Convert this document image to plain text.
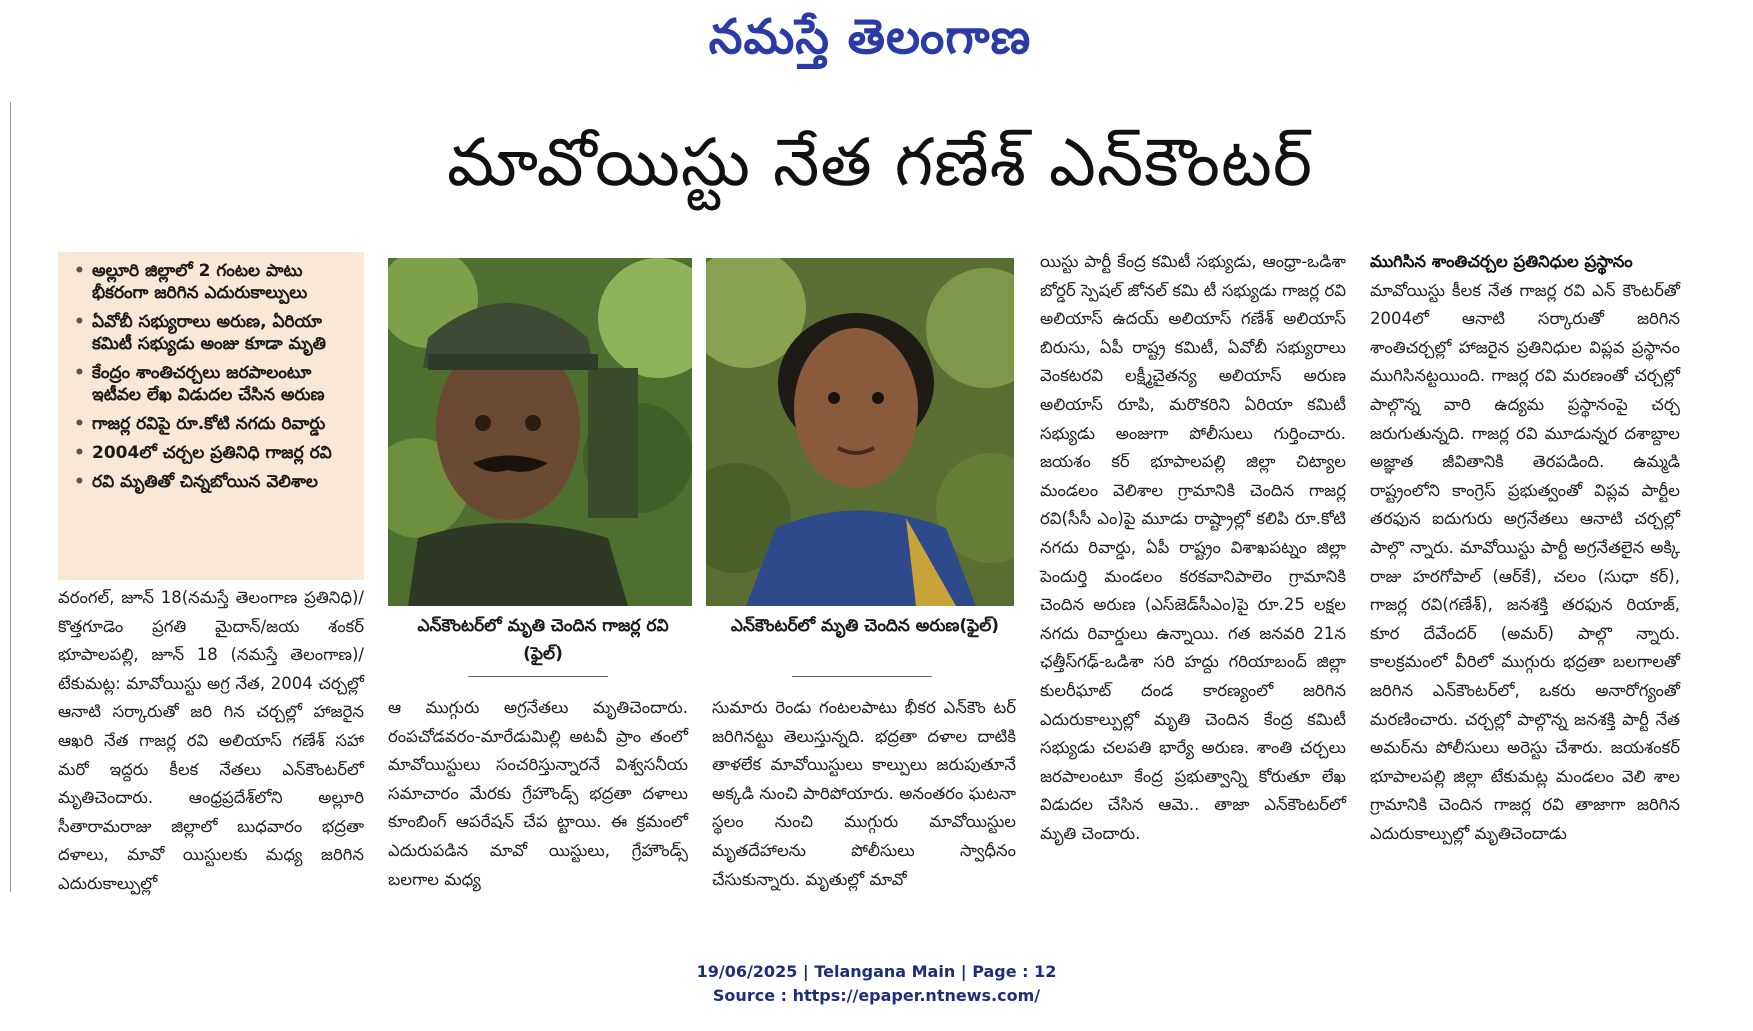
నమస్తే తెలంగాణ
మావోయిస్టు నేత గణేశ్ ఎన్‌కౌంటర్
• అల్లూరి జిల్లాలో 2 గంటల పాటు భీకరంగా జరిగిన ఎదురుకాల్పులు
• ఏవోబీ సభ్యురాలు అరుణ, ఏరియా కమిటీ సభ్యుడు అంజు కూడా మృతి
• కేంద్రం శాంతిచర్చలు జరపాలంటూ ఇటీవల లేఖ విడుదల చేసిన అరుణ
• గాజర్ల రవిపై రూ.కోటి నగదు రివార్డు
• 2004లో చర్చల ప్రతినిధి గాజర్ల రవి
• రవి మృతితో చిన్నబోయిన వెలిశాల

వరంగల్, జూన్ 18(నమస్తే తెలంగాణ ప్రతినిధి)/కొత్తగూడెం ప్రగతి మైదాన్/జయ శంకర్ భూపాలపల్లి, జూన్ 18 (నమస్తే తెలంగాణ)/టేకుమట్ల: మావోయిస్టు అగ్ర నేత, 2004 చర్చల్లో ఆనాటి సర్కారుతో జరి గిన చర్చల్లో హాజరైన ఆఖరి నేత గాజర్ల రవి అలియాస్ గణేశ్ సహా మరో ఇద్దరు కీలక నేతలు ఎన్‌కౌంటర్‌లో మృతిచెందారు. ఆంధ్రప్రదేశ్‌లోని అల్లూరి సీతారామరాజు జిల్లాలో బుధవారం భద్రతా దళాలు, మావో యిస్టులకు మధ్య జరిగిన ఎదురుకాల్పుల్లో

ఎన్‌కౌంటర్‌లో మృతి చెందిన గాజర్ల రవి (ఫైల్)
ఎన్‌కౌంటర్‌లో మృతి చెందిన అరుణ(ఫైల్)

ఆ ముగ్గురు అగ్రనేతలు మృతిచెందారు. రంపచోడవరం-మారేడుమిల్లి అటవీ ప్రాం తంలో మావోయిస్టులు సంచరిస్తున్నారనే విశ్వసనీయ సమాచారం మేరకు గ్రేహౌండ్స్ భద్రతా దళాలు కూంబింగ్ ఆపరేషన్ చేప ట్టాయి. ఈ క్రమంలో ఎదురుపడిన మావో యిస్టులు, గ్రేహౌండ్స్ బలగాల మధ్య

సుమారు రెండు గంటలపాటు భీకర ఎన్‌కౌం టర్ జరిగినట్టు తెలుస్తున్నది. భద్రతా దళాల దాటికి తాళలేక మావోయిస్టులు కాల్పులు జరుపుతూనే అక్కడి నుంచి పారిపోయారు. అనంతరం ఘటనా స్థలం నుంచి ముగ్గురు మావోయిస్టుల మృతదేహాలను పోలీసులు స్వాధీనం చేసుకున్నారు. మృతుల్లో మావో

యిస్టు పార్టీ కేంద్ర కమిటీ సభ్యుడు, ఆంధ్రా-ఒడిశా బోర్డర్ స్పెషల్ జోనల్ కమి టీ సభ్యుడు గాజర్ల రవి అలియాస్ ఉదయ్ అలియాస్ గణేశ్ అలియాస్ బిరుసు, ఏపీ రాష్ట్ర కమిటీ, ఏవోబీ సభ్యురాలు వెంకటరవి లక్ష్మీచైతన్య అలియాస్ అరుణ అలియాస్ రూపి, మరొకరిని ఏరియా కమిటీ సభ్యుడు అంజుగా పోలీసులు గుర్తించారు. జయశం కర్ భూపాలపల్లి జిల్లా చిట్యాల మండలం వెలిశాల గ్రామానికి చెందిన గాజర్ల రవి(సీసీ ఎం)పై మూడు రాష్ట్రాల్లో కలిపి రూ.కోటి నగదు రివార్డు, ఏపీ రాష్ట్రం విశాఖపట్నం జిల్లా పెందుర్తి మండలం కరకవానిపాలెం గ్రామానికి చెందిన అరుణ (ఎస్‌జెడ్‌సీఎం)పై రూ.25 లక్షల నగదు రివార్డులు ఉన్నాయి. గత జనవరి 21న ఛత్తీస్‌గఢ్-ఒడిశా సరి హద్దు గరియాబంద్ జిల్లా కులరీఘాట్ దండ కారణ్యంలో జరిగిన ఎదురుకాల్పుల్లో మృతి చెందిన కేంద్ర కమిటీ సభ్యుడు చలపతి భార్యే అరుణ. శాంతి చర్చలు జరపాలంటూ కేంద్ర ప్రభుత్వాన్ని కోరుతూ లేఖ విడుదల చేసిన ఆమె.. తాజా ఎన్‌కౌంటర్‌లో మృతి చెందారు.

ముగిసిన శాంతిచర్చల ప్రతినిధుల ప్రస్థానం

మావోయిస్టు కీలక నేత గాజర్ల రవి ఎన్ కౌంటర్‌తో 2004లో ఆనాటి సర్కారుతో జరిగిన శాంతిచర్చల్లో హాజరైన ప్రతినిధుల విప్లవ ప్రస్థానం ముగిసినట్టయింది. గాజర్ల రవి మరణంతో చర్చల్లో పాల్గొన్న వారి ఉద్యమ ప్రస్థానంపై చర్చ జరుగుతున్నది. గాజర్ల రవి మూడున్నర దశాబ్దాల అజ్ఞాత జీవితానికి తెరపడింది. ఉమ్మడి రాష్ట్రంలోని కాంగ్రెస్ ప్రభుత్వంతో విప్లవ పార్టీల తరఫున ఐదుగురు అగ్రనేతలు ఆనాటి చర్చల్లో పాల్గొ న్నారు. మావోయిస్టు పార్టీ అగ్రనేతలైన అక్కి రాజు హరగోపాల్ (ఆర్‌కే), చలం (సుధా కర్), గాజర్ల రవి(గణేశ్), జనశక్తి తరఫున రియాజ్, కూర దేవేందర్ (అమర్) పాల్గొ న్నారు. కాలక్రమంలో వీరిలో ముగ్గురు భద్రతా బలగాలతో జరిగిన ఎన్‌కౌంటర్‌లో, ఒకరు అనారోగ్యంతో మరణించారు. చర్చల్లో పాల్గొన్న జనశక్తి పార్టీ నేత అమర్‌ను పోలీసులు అరెస్టు చేశారు. జయశంకర్ భూపాలపల్లి జిల్లా టేకుమట్ల మండలం వెలి శాల గ్రామానికి చెందిన గాజర్ల రవి తాజాగా జరిగిన ఎదురుకాల్పుల్లో మృతిచెందాడు

19/06/2025 | Telangana Main | Page : 12
Source : https://epaper.ntnews.com/
